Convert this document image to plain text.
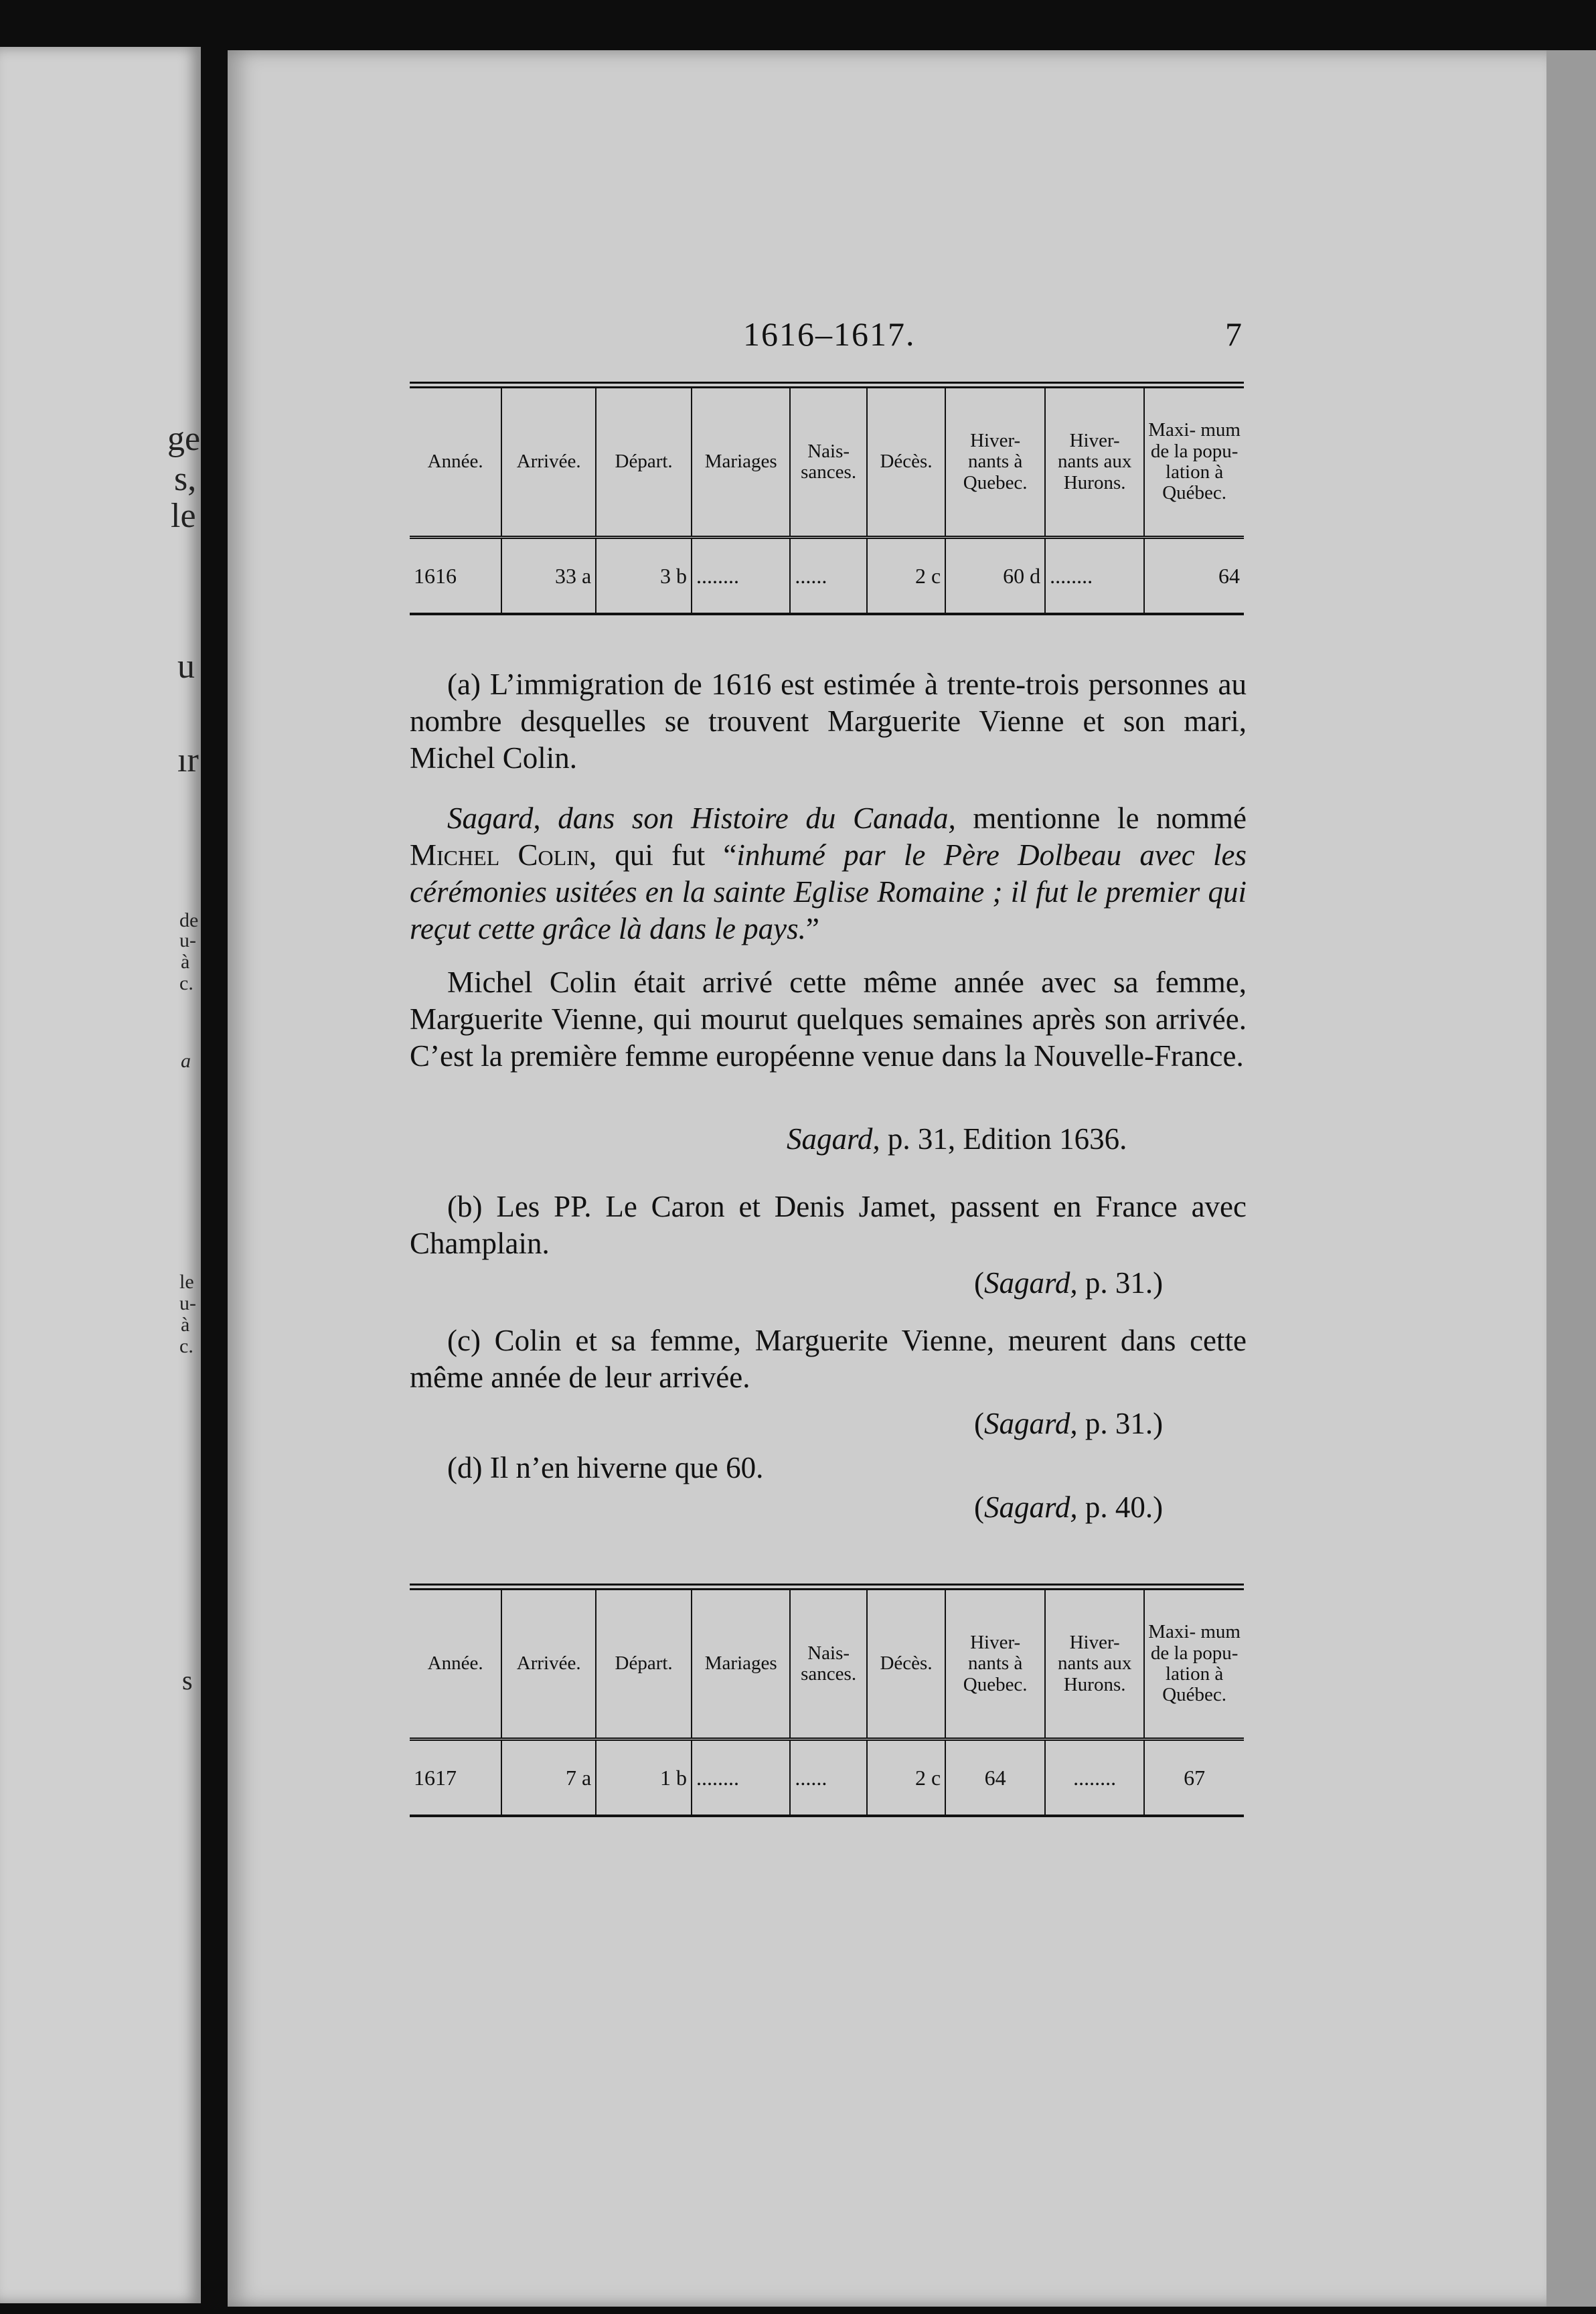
ge
s,
le
u
ır
de
u-
à
c.
a
le
u-
à
c.
s
1616–1617.	7
Année.	Arrivée.	Départ.	Mariages	Nais- sances.	Décès.	Hiver- nants à Quebec.	Hiver- nants aux Hurons.	Maxi- mum de la popu- lation à Québec.
1616	33 a	3 b	........	......	2 c	60 d	........	64

(a) L’immigration de 1616 est estimée à trente-trois personnes au nombre desquelles se trouvent Marguerite Vienne et son mari, Michel Colin.

Sagard, dans son Histoire du Canada, mentionne le nommé Michel Colin, qui fut “inhumé par le Père Dolbeau avec les cérémonies usitées en la sainte Eglise Romaine ; il fut le premier qui reçut cette grâce là dans le pays.”

Michel Colin était arrivé cette même année avec sa femme, Marguerite Vienne, qui mourut quelques semaines après son arrivée. C’est la première femme européenne venue dans la Nouvelle-France.

Sagard, p. 31, Edition 1636.

(b) Les PP. Le Caron et Denis Jamet, passent en France avec Champlain.

(Sagard, p. 31.)

(c) Colin et sa femme, Marguerite Vienne, meurent dans cette même année de leur arrivée.

(Sagard, p. 31.)

(d) Il n’en hiverne que 60.

(Sagard, p. 40.)
Année.	Arrivée.	Départ.	Mariages	Nais- sances.	Décès.	Hiver- nants à Quebec.	Hiver- nants aux Hurons.	Maxi- mum de la popu- lation à Québec.
1617	7 a	1 b	........	......	2 c	64	........	67
